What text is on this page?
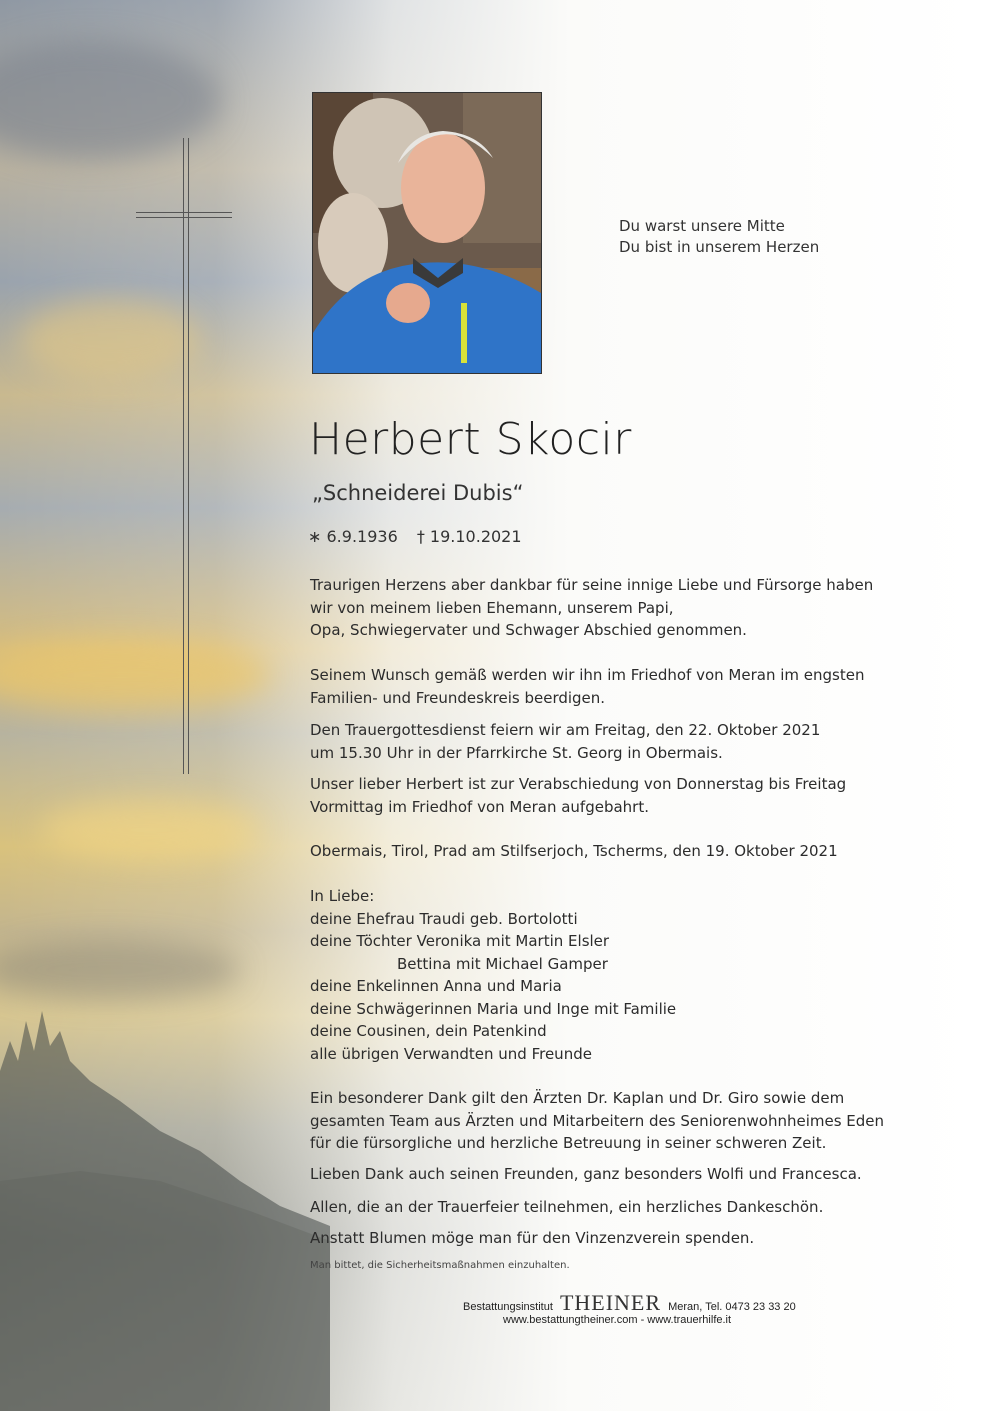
Du warst unsere Mitte
Du bist in unserem Herzen
Herbert Skocir
„Schneiderei Dubis“
∗ 6.9.1936 † 19.10.2021
Traurigen Herzens aber dankbar für seine innige Liebe und Fürsorge haben
wir von meinem lieben Ehemann, unserem Papi,
Opa, Schwiegervater und Schwager Abschied genommen.
Seinem Wunsch gemäß werden wir ihn im Friedhof von Meran im engsten
Familien- und Freundeskreis beerdigen.
Den Trauergottesdienst feiern wir am Freitag, den 22. Oktober 2021
um 15.30 Uhr in der Pfarrkirche St. Georg in Obermais.
Unser lieber Herbert ist zur Verabschiedung von Donnerstag bis Freitag
Vormittag im Friedhof von Meran aufgebahrt.
Obermais, Tirol, Prad am Stilfserjoch, Tscherms, den 19. Oktober 2021
In Liebe:
deine Ehefrau Traudi geb. Bortolotti
deine Töchter Veronika mit Martin Elsler
Bettina mit Michael Gamper
deine Enkelinnen Anna und Maria
deine Schwägerinnen Maria und Inge mit Familie
deine Cousinen, dein Patenkind
alle übrigen Verwandten und Freunde
Ein besonderer Dank gilt den Ärzten Dr. Kaplan und Dr. Giro sowie dem
gesamten Team aus Ärzten und Mitarbeitern des Seniorenwohnheimes Eden
für die fürsorgliche und herzliche Betreuung in seiner schweren Zeit.
Lieben Dank auch seinen Freunden, ganz besonders Wolfi und Francesca.
Allen, die an der Trauerfeier teilnehmen, ein herzliches Dankeschön.
Anstatt Blumen möge man für den Vinzenzverein spenden.
Man bittet, die Sicherheitsmaßnahmen einzuhalten.
Bestattungsinstitut THEINER Meran, Tel. 0473 23 33 20
www.bestattungtheiner.com - www.trauerhilfe.it
